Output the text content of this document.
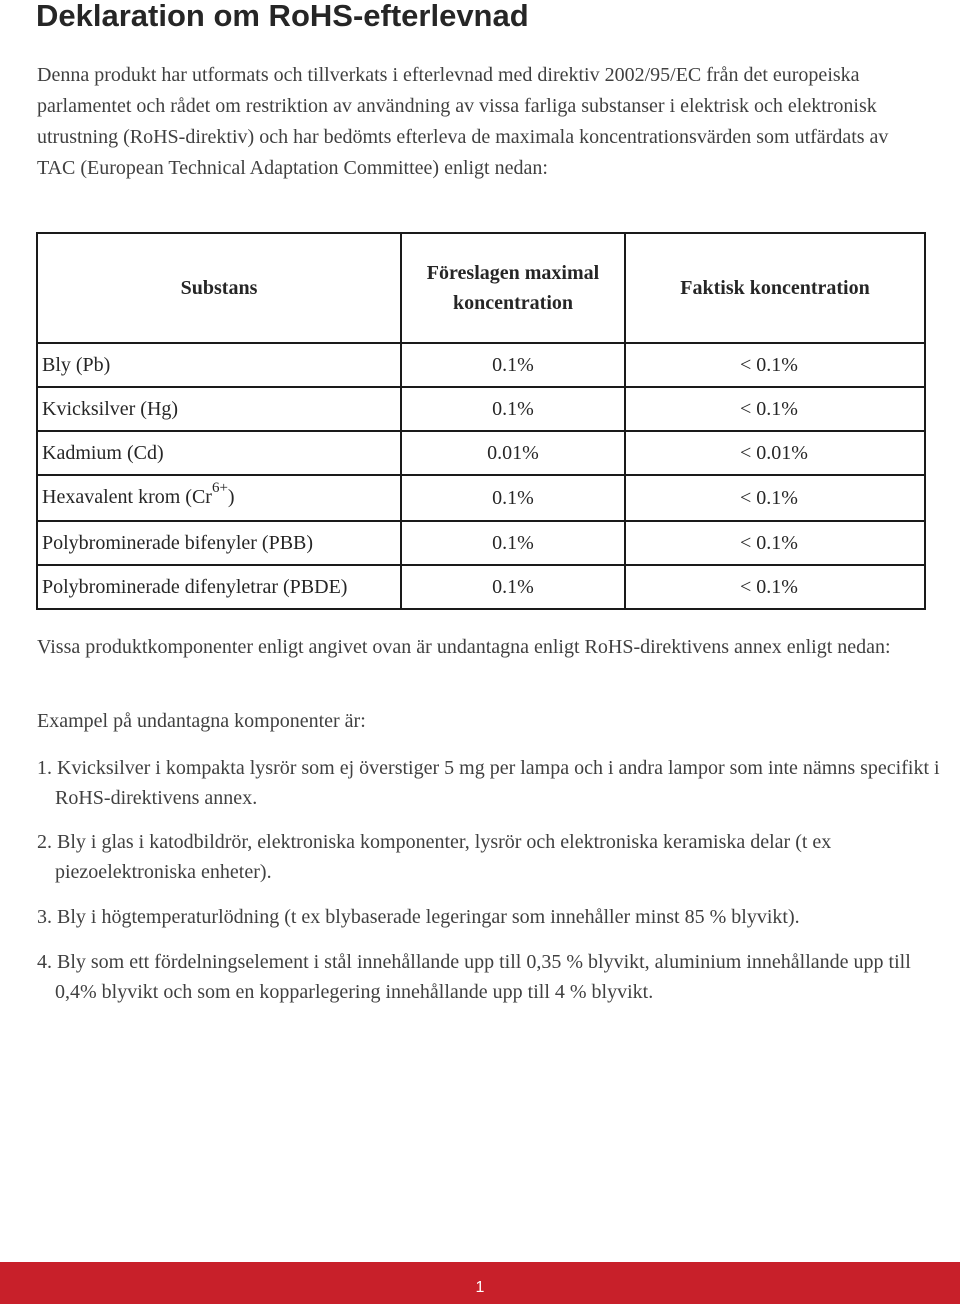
Deklaration om RoHS-efterlevnad

Denna produkt har utformats och tillverkats i efterlevnad med direktiv 2002/95/EC från det europeiska parlamentet och rådet om restriktion av användning av vissa farliga substanser i elektrisk och elektronisk utrustning (RoHS-direktiv) och har bedömts efterleva de maximala koncentrationsvärden som utfärdats av TAC (European Technical Adaptation Committee) enligt nedan:

Substans	Föreslagen maximal koncentration	Faktisk koncentration
Bly (Pb)	0.1%	< 0.1%
Kvicksilver (Hg)	0.1%	< 0.1%
Kadmium (Cd)	0.01%	< 0.01%
Hexavalent krom $(Cr^{6+})$	0.1%	< 0.1%
Polybrominerade bifenyler (PBB)	0.1%	< 0.1%
Polybrominerade difenyletrar (PBDE)	0.1%	< 0.1%

Vissa produktkomponenter enligt angivet ovan är undantagna enligt RoHS-direktivens annex enligt nedan:

Exampel på undantagna komponenter är:

1. Kvicksilver i kompakta lysrör som ej överstiger 5 mg per lampa och i andra lampor som inte nämns specifikt i RoHS-direktivens annex.

2. Bly i glas i katodbildrör, elektroniska komponenter, lysrör och elektroniska keramiska delar (t ex piezoelektroniska enheter).

3. Bly i högtemperaturlödning (t ex blybaserade legeringar som innehåller minst 85 % blyvikt).

4. Bly som ett fördelningselement i stål innehållande upp till 0,35 % blyvikt, aluminium innehållande upp till 0,4% blyvikt och som en kopparlegering innehållande upp till 4 % blyvikt.

1
